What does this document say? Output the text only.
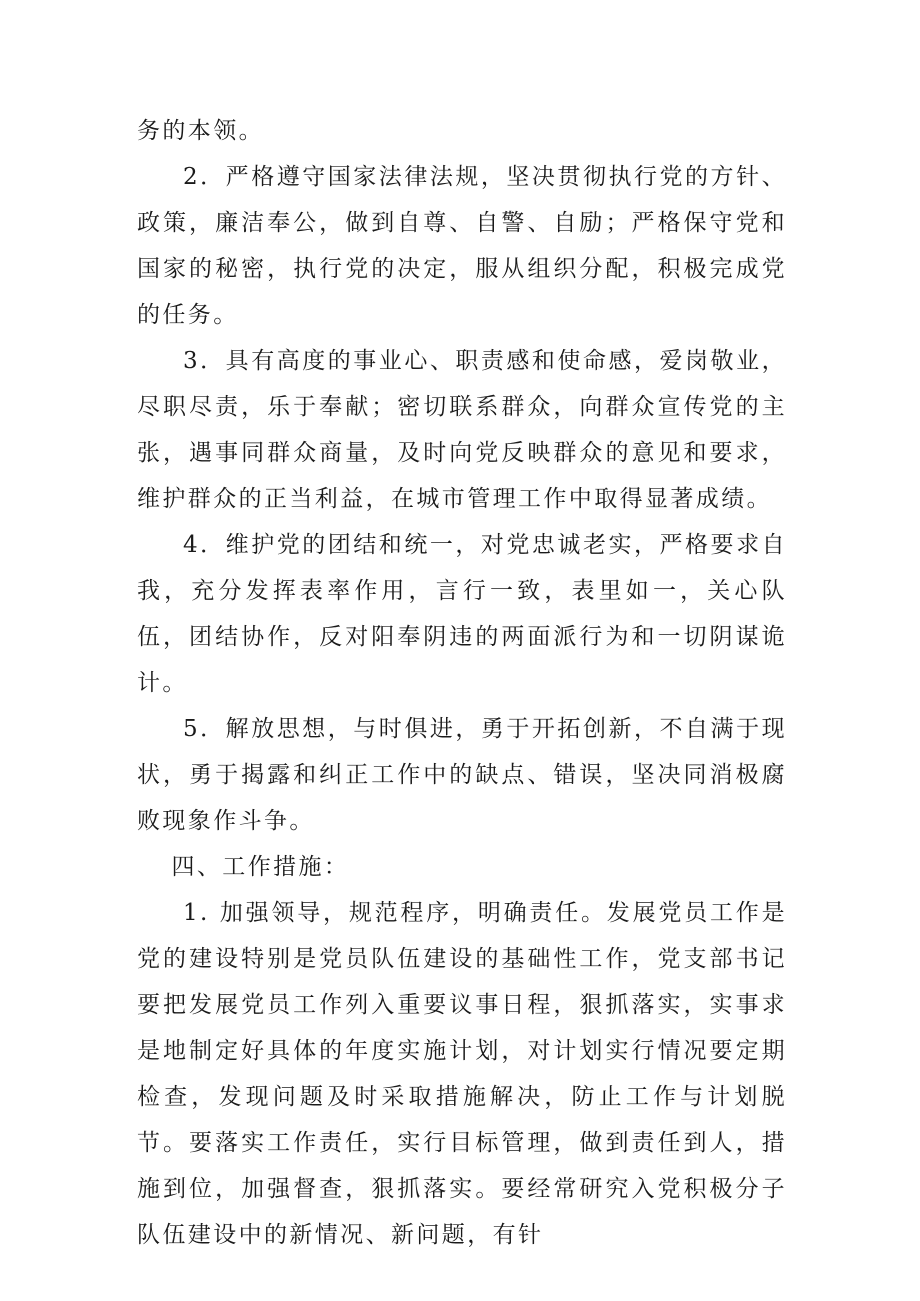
务的本领。

2．严格遵守国家法律法规，坚决贯彻执行党的方针、政策，廉洁奉公，做到自尊、自警、自励；严格保守党和国家的秘密，执行党的决定，服从组织分配，积极完成党的任务。

3．具有高度的事业心、职责感和使命感，爱岗敬业，尽职尽责，乐于奉献；密切联系群众，向群众宣传党的主张，遇事同群众商量，及时向党反映群众的意见和要求，维护群众的正当利益，在城市管理工作中取得显著成绩。

4．维护党的团结和统一，对党忠诚老实，严格要求自我，充分发挥表率作用，言行一致，表里如一，关心队伍，团结协作，反对阳奉阴违的两面派行为和一切阴谋诡计。

5．解放思想，与时俱进，勇于开拓创新，不自满于现状，勇于揭露和纠正工作中的缺点、错误，坚决同消极腐败现象作斗争。

四、工作措施：

1. 加强领导，规范程序，明确责任。发展党员工作是党的建设特别是党员队伍建设的基础性工作，党支部书记要把发展党员工作列入重要议事日程，狠抓落实，实事求是地制定好具体的年度实施计划，对计划实行情况要定期检查，发现问题及时采取措施解决，防止工作与计划脱节。要落实工作责任，实行目标管理，做到责任到人，措施到位，加强督查，狠抓落实。要经常研究入党积极分子队伍建设中的新情况、新问题，有针
